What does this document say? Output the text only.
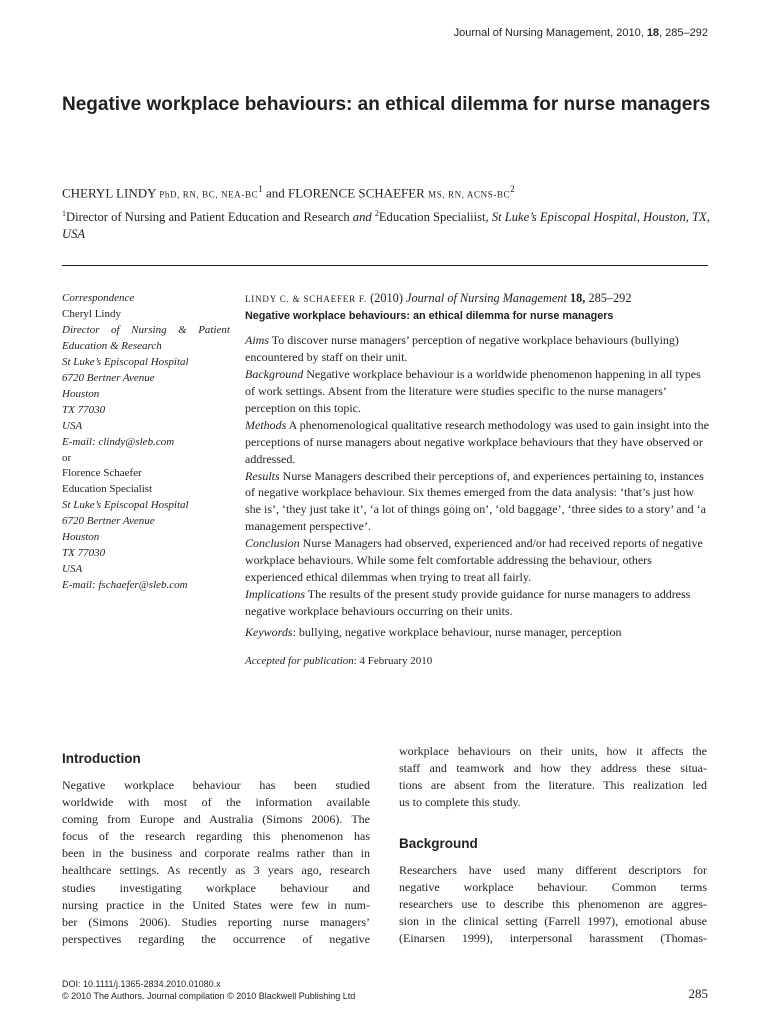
Journal of Nursing Management, 2010, 18, 285–292
Negative workplace behaviours: an ethical dilemma for nurse managers
CHERYL LINDY PhD, RN, BC, NEA-$BC^1$ and FLORENCE SCHAEFER MS, RN, ACNS-$BC^2$
$^1$Director of Nursing and Patient Education and Research and $^2$Education Specialiist, St Luke’s Episcopal Hospital, Houston, TX, USA
Correspondence
Cheryl Lindy
Director of Nursing & Patient
Education & Research
St Luke’s Episcopal Hospital
6720 Bertner Avenue
Houston
TX 77030
USA
E-mail: clindy@sleb.com
or
Florence Schaefer
Education Specialist
St Luke’s Episcopal Hospital
6720 Bertner Avenue
Houston
TX 77030
USA
E-mail: fschaefer@sleb.com
LINDY C. & SCHAEFER F. (2010) Journal of Nursing Management 18, 285–292
Negative workplace behaviours: an ethical dilemma for nurse managers
Aims To discover nurse managers’ perception of negative workplace behaviours (bullying) encountered by staff on their unit.
Background Negative workplace behaviour is a worldwide phenomenon happening in all types of work settings. Absent from the literature were studies specific to the nurse managers’ perception on this topic.
Methods A phenomenological qualitative research methodology was used to gain insight into the perceptions of nurse managers about negative workplace behaviours that they have observed or addressed.
Results Nurse Managers described their perceptions of, and experiences pertaining to, instances of negative workplace behaviour. Six themes emerged from the data analysis: ‘that’s just how she is’, ‘they just take it’, ‘a lot of things going on’, ‘old baggage’, ‘three sides to a story’ and ‘a management perspective’.
Conclusion Nurse Managers had observed, experienced and/or had received reports of negative workplace behaviours. While some felt comfortable addressing the behaviour, others experienced ethical dilemmas when trying to treat all fairly.
Implications The results of the present study provide guidance for nurse managers to address negative workplace behaviours occurring on their units.
Keywords: bullying, negative workplace behaviour, nurse manager, perception
Accepted for publication: 4 February 2010
Introduction
Negative workplace behaviour has been studied
worldwide with most of the information available
coming from Europe and Australia (Simons 2006). The
focus of the research regarding this phenomenon has
been in the business and corporate realms rather than in
healthcare settings. As recently as 3 years ago, research
studies investigating workplace behaviour and
nursing practice in the United States were few in num-
ber (Simons 2006). Studies reporting nurse managers’
perspectives regarding the occurrence of negative
workplace behaviours on their units, how it affects the
staff and teamwork and how they address these situa-
tions are absent from the literature. This realization led
us to complete this study.
Background
Researchers have used many different descriptors for
negative workplace behaviour. Common terms
researchers use to describe this phenomenon are aggres-
sion in the clinical setting (Farrell 1997), emotional abuse
(Einarsen 1999), interpersonal harassment (Thomas-
DOI: 10.1111/j.1365-2834.2010.01080.x
© 2010 The Authors. Journal compilation © 2010 Blackwell Publishing Ltd	285
